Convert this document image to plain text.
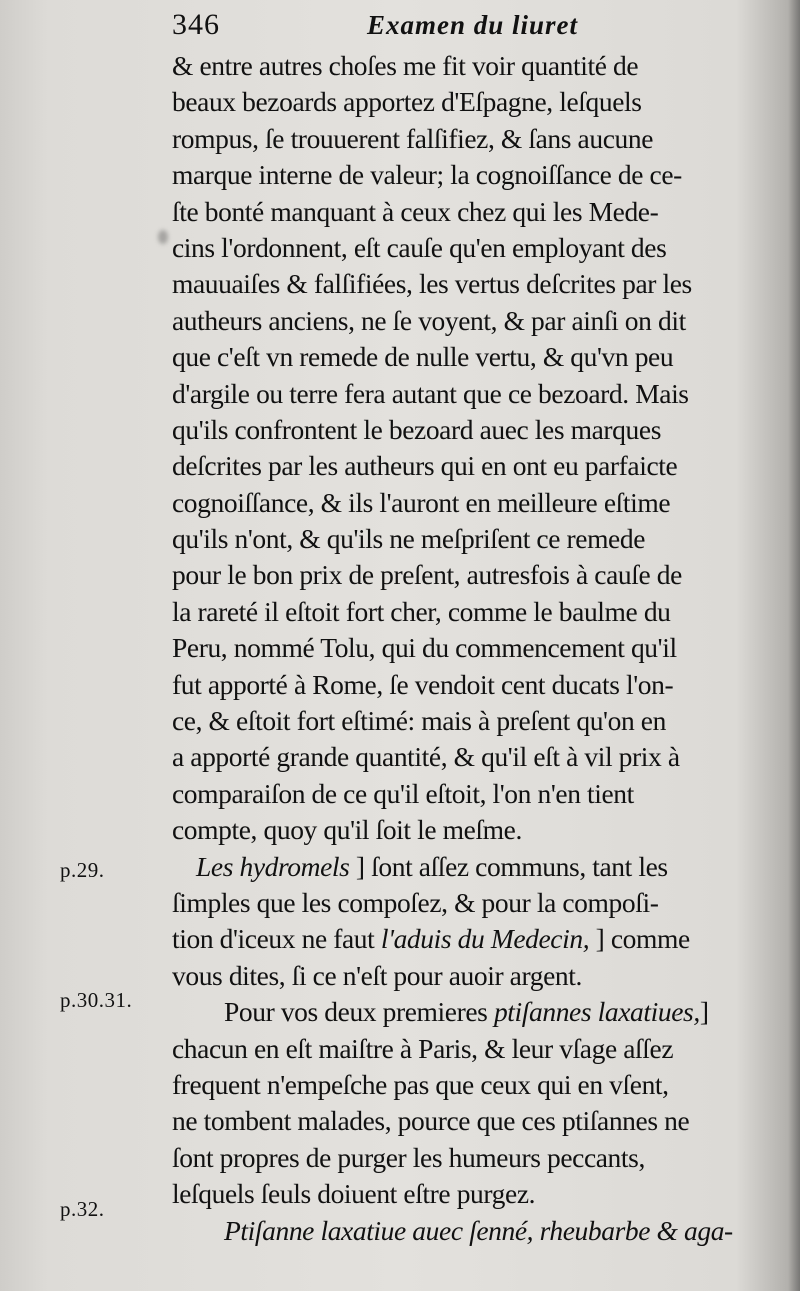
346	Examen du liuret
& entre autres choſes me fit voir quantité de
beaux bezoards apportez d'Eſpagne, leſquels
rompus, ſe trouuerent falſifiez, & ſans aucune
marque interne de valeur; la cognoiſſance de ce-
ſte bonté manquant à ceux chez qui les Mede-
cins l'ordonnent, eſt cauſe qu'en employant des
mauuaiſes & falſifiées, les vertus deſcrites par les
autheurs anciens, ne ſe voyent, & par ainſi on dit
que c'eſt vn remede de nulle vertu, & qu'vn peu
d'argile ou terre fera autant que ce bezoard. Mais
qu'ils confrontent le bezoard auec les marques
deſcrites par les autheurs qui en ont eu parfaicte
cognoiſſance, & ils l'auront en meilleure eſtime
qu'ils n'ont, & qu'ils ne meſpriſent ce remede
pour le bon prix de preſent, autresfois à cauſe de
la rareté il eſtoit fort cher, comme le baulme du
Peru, nommé Tolu, qui du commencement qu'il
fut apporté à Rome, ſe vendoit cent ducats l'on-
ce, & eſtoit fort eſtimé: mais à preſent qu'on en
a apporté grande quantité, & qu'il eſt à vil prix à
comparaiſon de ce qu'il eſtoit, l'on n'en tient
compte, quoy qu'il ſoit le meſme.
Les hydromels ] ſont aſſez communs, tant les
ſimples que les compoſez, & pour la compoſi-
tion d'iceux ne faut l'aduis du Medecin, ] comme
vous dites, ſi ce n'eſt pour auoir argent.
Pour vos deux premieres ptiſannes laxatiues,]
chacun en eſt maiſtre à Paris, & leur vſage aſſez
frequent n'empeſche pas que ceux qui en vſent,
ne tombent malades, pource que ces ptiſannes ne
ſont propres de purger les humeurs peccants,
leſquels ſeuls doiuent eſtre purgez.
Ptiſanne laxatiue auec ſenné, rheubarbe & aga-
p.29.
p.30.31.
p.32.
